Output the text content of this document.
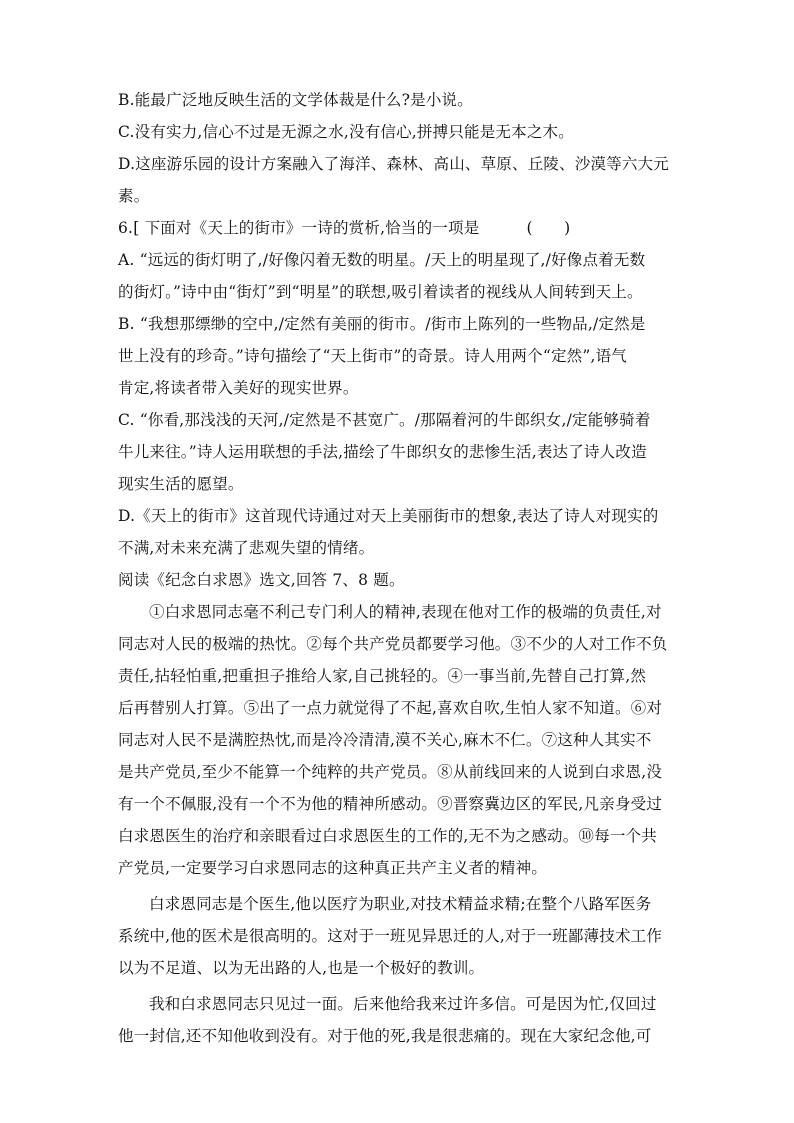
B.能最广泛地反映生活的文学体裁是什么?是小说。
C.没有实力,信心不过是无源之水,没有信心,拼搏只能是无本之木。
D.这座游乐园的设计方案融入了海洋、森林、高山、草原、丘陵、沙漠等六大元
素。
6.[ 下面对《天上的街市》一诗的赏析,恰当的一项是　　　(　　)
A. “远远的街灯明了,/好像闪着无数的明星。/天上的明星现了,/好像点着无数
的街灯。”诗中由“街灯”到“明星”的联想,吸引着读者的视线从人间转到天上。
B. “我想那缥缈的空中,/定然有美丽的街市。/街市上陈列的一些物品,/定然是
世上没有的珍奇。”诗句描绘了“天上街市”的奇景。诗人用两个“定然”,语气
肯定,将读者带入美好的现实世界。
C. “你看,那浅浅的天河,/定然是不甚宽广。/那隔着河的牛郎织女,/定能够骑着
牛儿来往。”诗人运用联想的手法,描绘了牛郎织女的悲惨生活,表达了诗人改造
现实生活的愿望。
D.《天上的街市》这首现代诗通过对天上美丽街市的想象,表达了诗人对现实的
不满,对未来充满了悲观失望的情绪。
阅读《纪念白求恩》选文,回答 7、8 题。
①白求恩同志毫不利己专门利人的精神,表现在他对工作的极端的负责任,对
同志对人民的极端的热忱。②每个共产党员都要学习他。③不少的人对工作不负
责任,拈轻怕重,把重担子推给人家,自己挑轻的。④一事当前,先替自己打算,然
后再替别人打算。⑤出了一点力就觉得了不起,喜欢自吹,生怕人家不知道。⑥对
同志对人民不是满腔热忱,而是冷冷清清,漠不关心,麻木不仁。⑦这种人其实不
是共产党员,至少不能算一个纯粹的共产党员。⑧从前线回来的人说到白求恩,没
有一个不佩服,没有一个不为他的精神所感动。⑨晋察冀边区的军民,凡亲身受过
白求恩医生的治疗和亲眼看过白求恩医生的工作的,无不为之感动。⑩每一个共
产党员,一定要学习白求恩同志的这种真正共产主义者的精神。
白求恩同志是个医生,他以医疗为职业,对技术精益求精;在整个八路军医务
系统中,他的医术是很高明的。这对于一班见异思迁的人,对于一班鄙薄技术工作
以为不足道、以为无出路的人,也是一个极好的教训。
我和白求恩同志只见过一面。后来他给我来过许多信。可是因为忙,仅回过
他一封信,还不知他收到没有。对于他的死,我是很悲痛的。现在大家纪念他,可
